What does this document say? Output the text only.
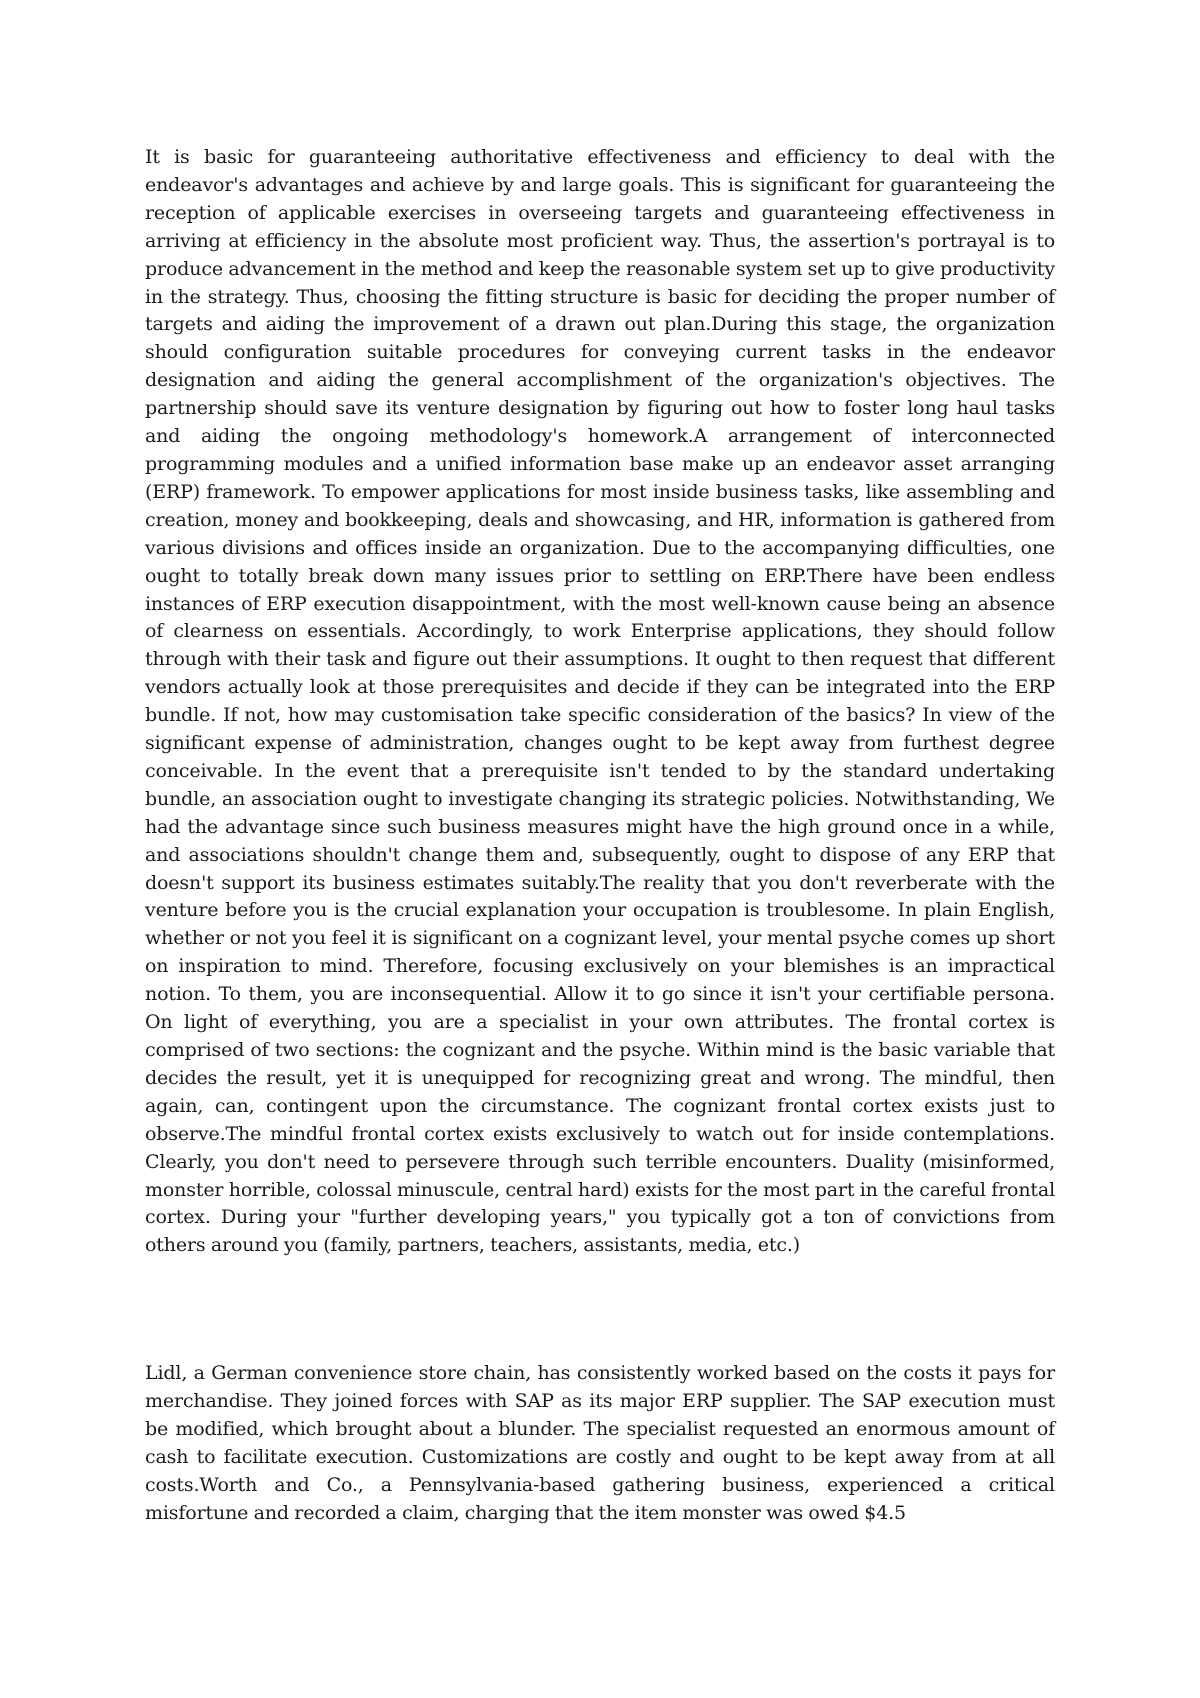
It is basic for guaranteeing authoritative effectiveness and efficiency to deal with the endeavor's advantages and achieve by and large goals. This is significant for guaranteeing the reception of applicable exercises in overseeing targets and guaranteeing effectiveness in arriving at efficiency in the absolute most proficient way. Thus, the assertion's portrayal is to produce advancement in the method and keep the reasonable system set up to give productivity in the strategy. Thus, choosing the fitting structure is basic for deciding the proper number of targets and aiding the improvement of a drawn out plan.During this stage, the organization should configuration suitable procedures for conveying current tasks in the endeavor designation and aiding the general accomplishment of the organization's objectives. The partnership should save its venture designation by figuring out how to foster long haul tasks and aiding the ongoing methodology's homework.A arrangement of interconnected programming modules and a unified information base make up an endeavor asset arranging (ERP) framework. To empower applications for most inside business tasks, like assembling and creation, money and bookkeeping, deals and showcasing, and HR, information is gathered from various divisions and offices inside an organization. Due to the accompanying difficulties, one ought to totally break down many issues prior to settling on ERP.There have been endless instances of ERP execution disappointment, with the most well-known cause being an absence of clearness on essentials. Accordingly, to work Enterprise applications, they should follow through with their task and figure out their assumptions. It ought to then request that different vendors actually look at those prerequisites and decide if they can be integrated into the ERP bundle. If not, how may customisation take specific consideration of the basics? In view of the significant expense of administration, changes ought to be kept away from furthest degree conceivable. In the event that a prerequisite isn't tended to by the standard undertaking bundle, an association ought to investigate changing its strategic policies. Notwithstanding, We had the advantage since such business measures might have the high ground once in a while, and associations shouldn't change them and, subsequently, ought to dispose of any ERP that doesn't support its business estimates suitably.The reality that you don't reverberate with the venture before you is the crucial explanation your occupation is troublesome. In plain English, whether or not you feel it is significant on a cognizant level, your mental psyche comes up short on inspiration to mind. Therefore, focusing exclusively on your blemishes is an impractical notion. To them, you are inconsequential. Allow it to go since it isn't your certifiable persona. On light of everything, you are a specialist in your own attributes. The frontal cortex is comprised of two sections: the cognizant and the psyche. Within mind is the basic variable that decides the result, yet it is unequipped for recognizing great and wrong. The mindful, then again, can, contingent upon the circumstance. The cognizant frontal cortex exists just to observe.The mindful frontal cortex exists exclusively to watch out for inside contemplations. Clearly, you don't need to persevere through such terrible encounters. Duality (misinformed, monster horrible, colossal minuscule, central hard) exists for the most part in the careful frontal cortex. During your "further developing years," you typically got a ton of convictions from others around you (family, partners, teachers, assistants, media, etc.)

Lidl, a German convenience store chain, has consistently worked based on the costs it pays for merchandise. They joined forces with SAP as its major ERP supplier. The SAP execution must be modified, which brought about a blunder. The specialist requested an enormous amount of cash to facilitate execution. Customizations are costly and ought to be kept away from at all costs.Worth and Co., a Pennsylvania-based gathering business, experienced a critical misfortune and recorded a claim, charging that the item monster was owed $4.5
